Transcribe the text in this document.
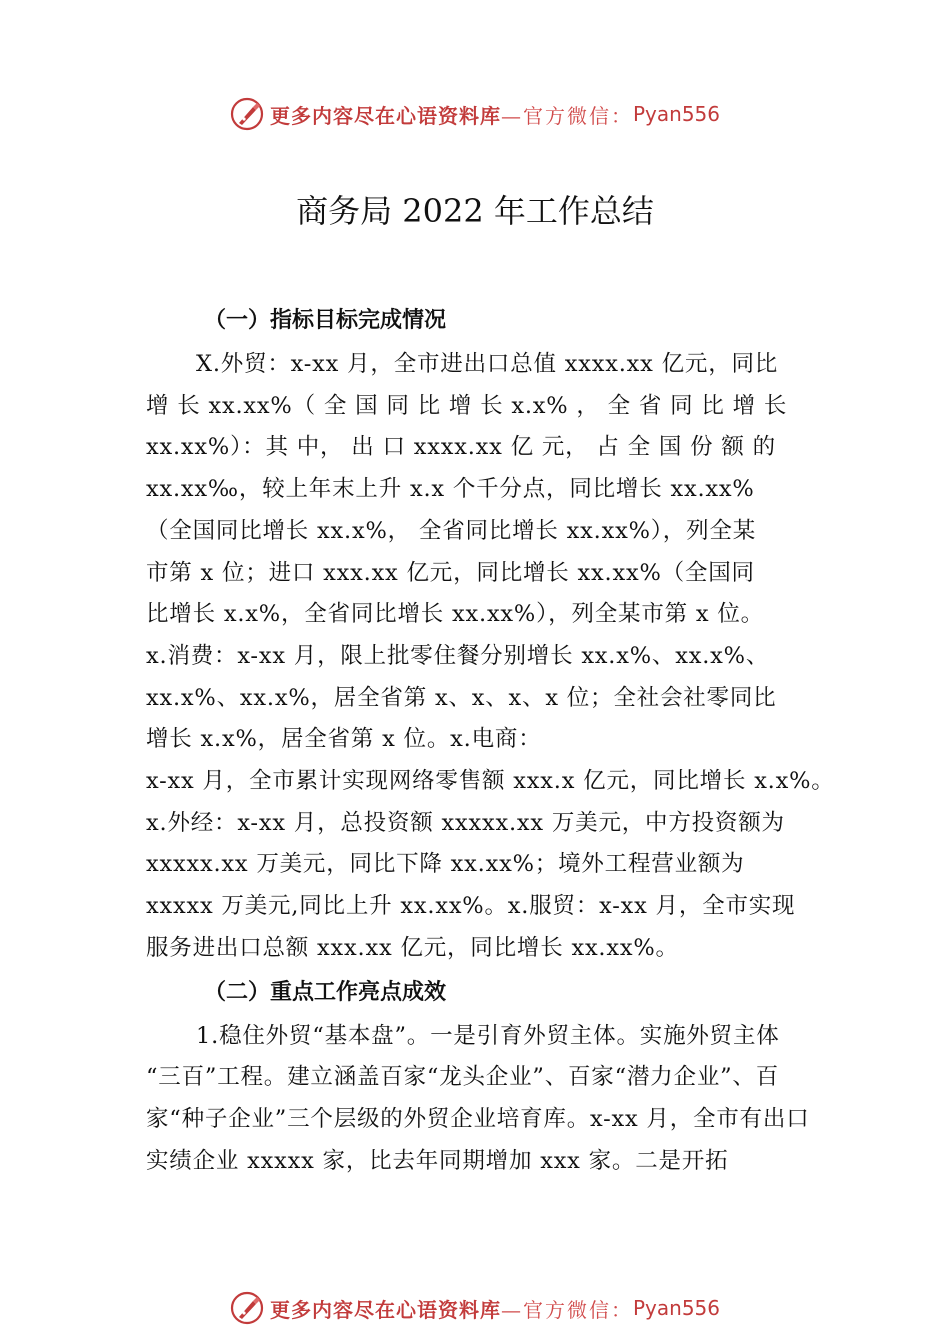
更多内容尽在心语资料库 —官方微信： Pyan556
商务局 2022 年工作总结
（一）指标目标完成情况
X.外贸：x-xx 月，全市进出口总值 xxxx.xx 亿元，同比
增 长 xx.xx%（ 全 国 同 比 增 长 x.x% ， 全 省 同 比 增 长
xx.xx%）：其 中， 出 口 xxxx.xx 亿 元， 占 全 国 份 额 的
xx.xx‰，较上年末上升 x.x 个千分点，同比增长 xx.xx%
（全国同比增长 xx.x%， 全省同比增长 xx.xx%），列全某
市第 x 位；进口 xxx.xx 亿元，同比增长 xx.xx%（全国同
比增长 x.x%，全省同比增长 xx.xx%），列全某市第 x 位。
x.消费：x-xx 月，限上批零住餐分别增长 xx.x%、xx.x%、
xx.x%、xx.x%，居全省第 x、x、x、x 位；全社会社零同比
增长 x.x%，居全省第 x 位。x.电商：
x-xx 月，全市累计实现网络零售额 xxx.x 亿元，同比增长 x.x%。
x.外经：x-xx 月，总投资额 xxxxx.xx 万美元，中方投资额为
xxxxx.xx 万美元，同比下降 xx.xx%；境外工程营业额为
xxxxx 万美元,同比上升 xx.xx%。x.服贸：x-xx 月，全市实现
服务进出口总额 xxx.xx 亿元，同比增长 xx.xx%。
（二）重点工作亮点成效
1.稳住外贸“基本盘”。一是引育外贸主体。实施外贸主体
“三百”工程。建立涵盖百家“龙头企业”、百家“潜力企业”、百
家“种子企业”三个层级的外贸企业培育库。x-xx 月，全市有出口
实绩企业 xxxxx 家，比去年同期增加 xxx 家。二是开拓
更多内容尽在心语资料库 —官方微信： Pyan556
